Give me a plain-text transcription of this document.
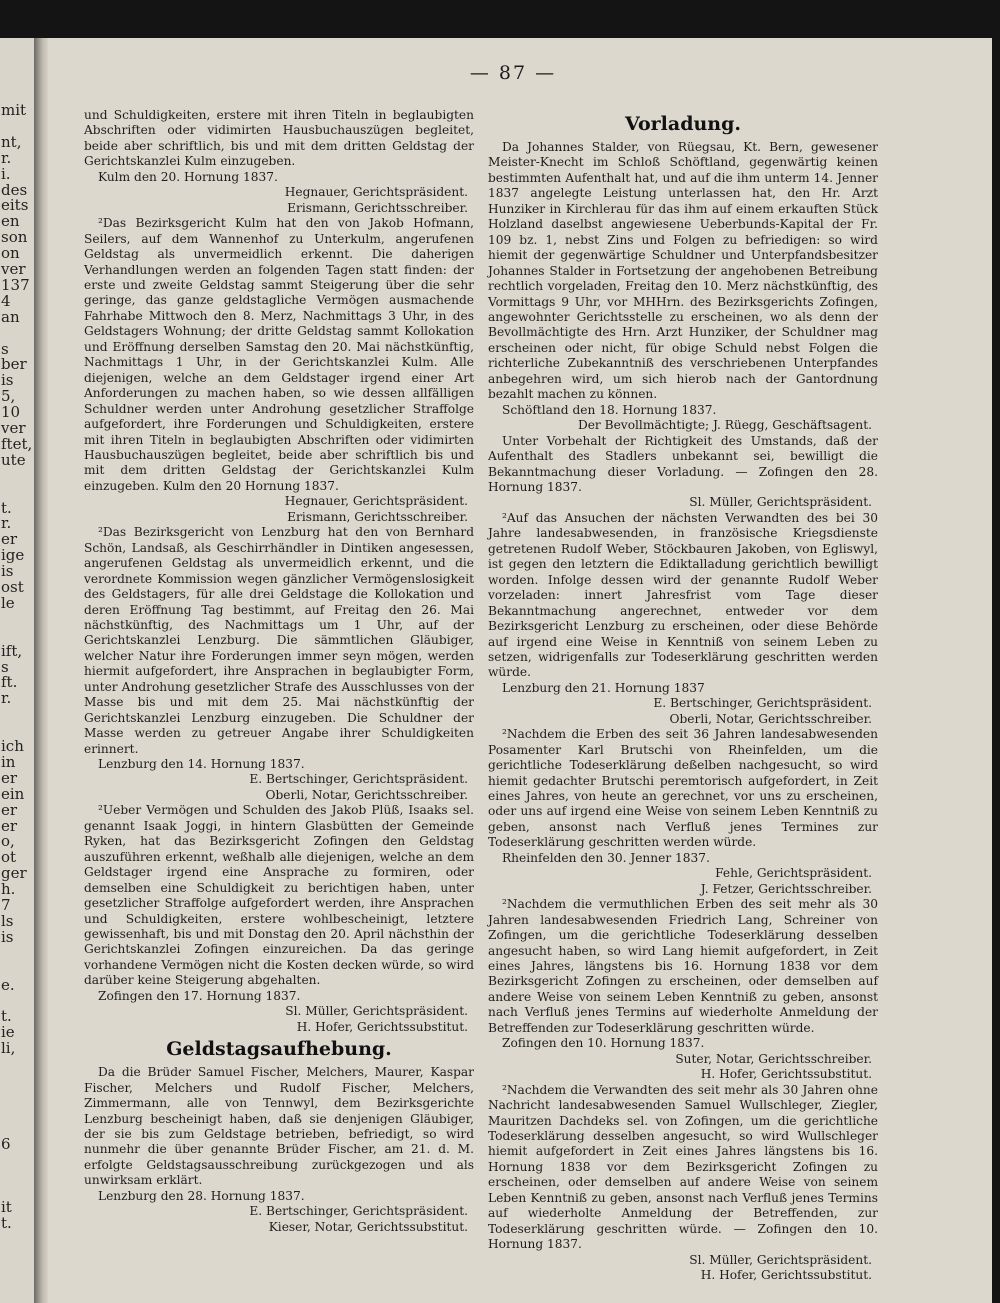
mit
nt,
r.
i.
des
eits
en
son
on
ver
137
4
an
s
ber
is
5,
10
ver
ftet,
ute
t.
r.
er
ige
is
ost
le
ift,
s
ft.
r.
ich
in
er
ein
er
er
o,
ot
ger
h.
7
ls
is
e.
t.
ie
li,
6
it
t.
— 87 —

und Schuldigkeiten, erstere mit ihren Titeln in beglaubigten Abschriften oder vidimirten Hausbuchauszügen begleitet, beide aber schriftlich, bis und mit dem dritten Geldstag der Gerichtskanzlei Kulm einzugeben.

Kulm den 20. Hornung 1837.

Hegnauer, Gerichtspräsident.

Erismann, Gerichtsschreiber.

²Das Bezirksgericht Kulm hat den von Jakob Hofmann, Seilers, auf dem Wannenhof zu Unterkulm, angerufenen Geldstag als unvermeidlich erkennt. Die daherigen Verhandlungen werden an folgenden Tagen statt finden: der erste und zweite Geldstag sammt Steigerung über die sehr geringe, das ganze geldstagliche Vermögen ausmachende Fahrhabe Mittwoch den 8. Merz, Nachmittags 3 Uhr, in des Geldstagers Wohnung; der dritte Geldstag sammt Kollokation und Eröffnung derselben Samstag den 20. Mai nächstkünftig, Nachmittags 1 Uhr, in der Gerichtskanzlei Kulm. Alle diejenigen, welche an dem Geldstager irgend einer Art Anforderungen zu machen haben, so wie dessen allfälligen Schuldner werden unter Androhung gesetzlicher Straffolge aufgefordert, ihre Forderungen und Schuldigkeiten, erstere mit ihren Titeln in beglaubigten Abschriften oder vidimirten Hausbuchauszügen begleitet, beide aber schriftlich bis und mit dem dritten Geldstag der Gerichtskanzlei Kulm einzugeben. Kulm den 20 Hornung 1837.

Hegnauer, Gerichtspräsident.

Erismann, Gerichtsschreiber.

²Das Bezirksgericht von Lenzburg hat den von Bernhard Schön, Landsaß, als Geschirrhändler in Dintiken angesessen, angerufenen Geldstag als unvermeidlich erkennt, und die verordnete Kommission wegen gänzlicher Vermögenslosigkeit des Geldstagers, für alle drei Geldstage die Kollokation und deren Eröffnung Tag bestimmt, auf Freitag den 26. Mai nächstkünftig, des Nachmittags um 1 Uhr, auf der Gerichtskanzlei Lenzburg. Die sämmtlichen Gläubiger, welcher Natur ihre Forderungen immer seyn mögen, werden hiermit aufgefordert, ihre Ansprachen in beglaubigter Form, unter Androhung gesetzlicher Strafe des Ausschlusses von der Masse bis und mit dem 25. Mai nächstkünftig der Gerichtskanzlei Lenzburg einzugeben. Die Schuldner der Masse werden zu getreuer Angabe ihrer Schuldigkeiten erinnert.

Lenzburg den 14. Hornung 1837.

E. Bertschinger, Gerichtspräsident.

Oberli, Notar, Gerichtsschreiber.

²Ueber Vermögen und Schulden des Jakob Plüß, Isaaks sel. genannt Isaak Joggi, in hintern Glasbütten der Gemeinde Ryken, hat das Bezirksgericht Zofingen den Geldstag auszuführen erkennt, weßhalb alle diejenigen, welche an dem Geldstager irgend eine Ansprache zu formiren, oder demselben eine Schuldigkeit zu berichtigen haben, unter gesetzlicher Straffolge aufgefordert werden, ihre Ansprachen und Schuldigkeiten, erstere wohlbescheinigt, letztere gewissenhaft, bis und mit Donstag den 20. April nächsthin der Gerichtskanzlei Zofingen einzureichen. Da das geringe vorhandene Vermögen nicht die Kosten decken würde, so wird darüber keine Steigerung abgehalten.

Zofingen den 17. Hornung 1837.

Sl. Müller, Gerichtspräsident.

H. Hofer, Gerichtssubstitut.

Geldstagsaufhebung.

Da die Brüder Samuel Fischer, Melchers, Maurer, Kaspar Fischer, Melchers und Rudolf Fischer, Melchers, Zimmermann, alle von Tennwyl, dem Bezirksgerichte Lenzburg bescheinigt haben, daß sie denjenigen Gläubiger, der sie bis zum Geldstage betrieben, befriedigt, so wird nunmehr die über genannte Brüder Fischer, am 21. d. M. erfolgte Geldstagsausschreibung zurückgezogen und als unwirksam erklärt.

Lenzburg den 28. Hornung 1837.

E. Bertschinger, Gerichtspräsident.

Kieser, Notar, Gerichtssubstitut.

Vorladung.

Da Johannes Stalder, von Rüegsau, Kt. Bern, gewesener Meister-Knecht im Schloß Schöftland, gegenwärtig keinen bestimmten Aufenthalt hat, und auf die ihm unterm 14. Jenner 1837 angelegte Leistung unterlassen hat, den Hr. Arzt Hunziker in Kirchlerau für das ihm auf einem erkauften Stück Holzland daselbst angewiesene Ueberbunds-Kapital der Fr. 109 bz. 1, nebst Zins und Folgen zu befriedigen: so wird hiemit der gegenwärtige Schuldner und Unterpfandsbesitzer Johannes Stalder in Fortsetzung der angehobenen Betreibung rechtlich vorgeladen, Freitag den 10. Merz nächstkünftig, des Vormittags 9 Uhr, vor MHHrn. des Bezirksgerichts Zofingen, angewohnter Gerichtsstelle zu erscheinen, wo als denn der Bevollmächtigte des Hrn. Arzt Hunziker, der Schuldner mag erscheinen oder nicht, für obige Schuld nebst Folgen die richterliche Zubekanntniß des verschriebenen Unterpfandes anbegehren wird, um sich hierob nach der Gantordnung bezahlt machen zu können.

Schöftland den 18. Hornung 1837.

Der Bevollmächtigte; J. Rüegg, Geschäftsagent.

Unter Vorbehalt der Richtigkeit des Umstands, daß der Aufenthalt des Stadlers unbekannt sei, bewilligt die Bekanntmachung dieser Vorladung. — Zofingen den 28. Hornung 1837.

Sl. Müller, Gerichtspräsident.

²Auf das Ansuchen der nächsten Verwandten des bei 30 Jahre landesabwesenden, in französische Kriegsdienste getretenen Rudolf Weber, Stöckbauren Jakoben, von Egliswyl, ist gegen den letztern die Ediktalladung gerichtlich bewilligt worden. Infolge dessen wird der genannte Rudolf Weber vorzeladen: innert Jahresfrist vom Tage dieser Bekanntmachung angerechnet, entweder vor dem Bezirksgericht Lenzburg zu erscheinen, oder diese Behörde auf irgend eine Weise in Kenntniß von seinem Leben zu setzen, widrigenfalls zur Todeserklärung geschritten werden würde.

Lenzburg den 21. Hornung 1837

E. Bertschinger, Gerichtspräsident.

Oberli, Notar, Gerichtsschreiber.

²Nachdem die Erben des seit 36 Jahren landesabwesenden Posamenter Karl Brutschi von Rheinfelden, um die gerichtliche Todeserklärung deßelben nachgesucht, so wird hiemit gedachter Brutschi peremtorisch aufgefordert, in Zeit eines Jahres, von heute an gerechnet, vor uns zu erscheinen, oder uns auf irgend eine Weise von seinem Leben Kenntniß zu geben, ansonst nach Verfluß jenes Termines zur Todeserklärung geschritten werden würde.

Rheinfelden den 30. Jenner 1837.

Fehle, Gerichtspräsident.

J. Fetzer, Gerichtsschreiber.

²Nachdem die vermuthlichen Erben des seit mehr als 30 Jahren landesabwesenden Friedrich Lang, Schreiner von Zofingen, um die gerichtliche Todeserklärung desselben angesucht haben, so wird Lang hiemit aufgefordert, in Zeit eines Jahres, längstens bis 16. Hornung 1838 vor dem Bezirksgericht Zofingen zu erscheinen, oder demselben auf andere Weise von seinem Leben Kenntniß zu geben, ansonst nach Verfluß jenes Termins auf wiederholte Anmeldung der Betreffenden zur Todeserklärung geschritten würde.

Zofingen den 10. Hornung 1837.

Suter, Notar, Gerichtsschreiber.

H. Hofer, Gerichtssubstitut.

²Nachdem die Verwandten des seit mehr als 30 Jahren ohne Nachricht landesabwesenden Samuel Wullschleger, Ziegler, Mauritzen Dachdeks sel. von Zofingen, um die gerichtliche Todeserklärung desselben angesucht, so wird Wullschleger hiemit aufgefordert in Zeit eines Jahres längstens bis 16. Hornung 1838 vor dem Bezirksgericht Zofingen zu erscheinen, oder demselben auf andere Weise von seinem Leben Kenntniß zu geben, ansonst nach Verfluß jenes Termins auf wiederholte Anmeldung der Betreffenden, zur Todeserklärung geschritten würde. — Zofingen den 10. Hornung 1837.

Sl. Müller, Gerichtspräsident.

H. Hofer, Gerichtssubstitut.
